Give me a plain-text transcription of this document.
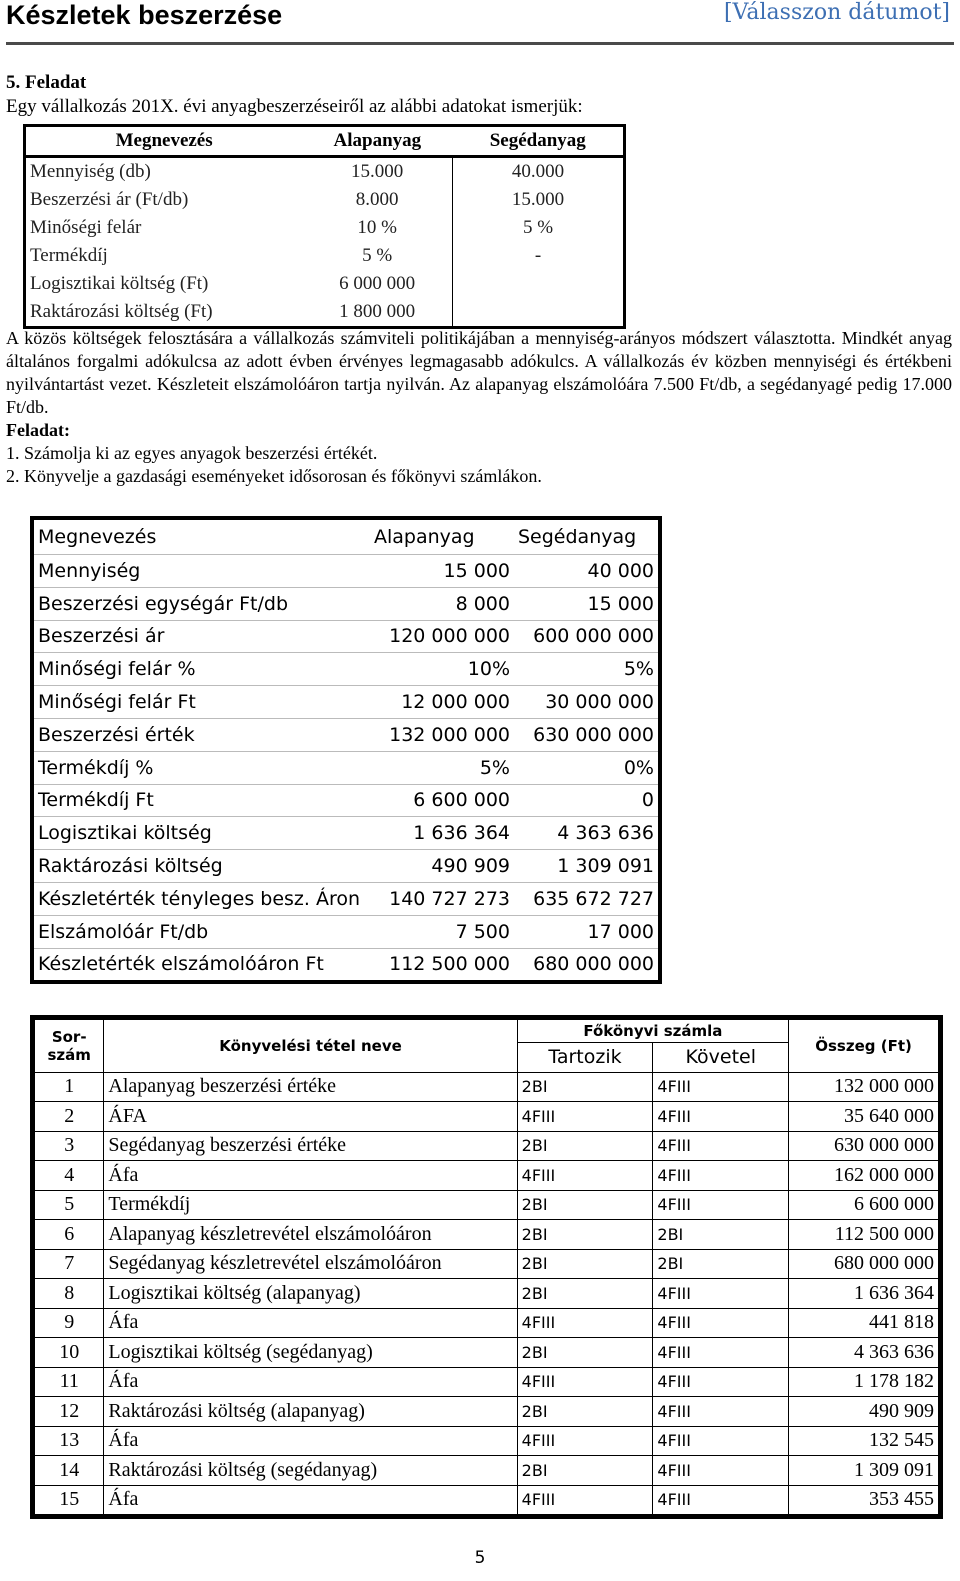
Készletek beszerzése	[Válasszon dátumot]
5. Feladat
Egy vállalkozás 201X. évi anyagbeszerzéseiről az alábbi adatokat ismerjük:
Megnevezés	Alapanyag	Segédanyag
Mennyiség (db)	15.000	40.000
Beszerzési ár (Ft/db)	8.000	15.000
Minőségi felár	10 %	5 %
Termékdíj	5 %	-
Logisztikai költség (Ft)	6 000 000	
Raktározási költség (Ft)	1 800 000	
A közös költségek felosztására a vállalkozás számviteli politikájában a mennyiség-arányos módszert választotta. Mindkét anyag általános forgalmi adókulcsa az adott évben érvényes legmagasabb adókulcs. A vállalkozás év közben mennyiségi és értékbeni nyilvántartást vezet. Készleteit elszámolóáron tartja nyilván. Az alapanyag elszámolóára 7.500 Ft/db, a segédanyagé pedig 17.000 Ft/db.
Feladat:
1. Számolja ki az egyes anyagok beszerzési értékét.
2. Könyvelje a gazdasági eseményeket idősorosan és főkönyvi számlákon.
Megnevezés	Alapanyag	Segédanyag
Mennyiség	15 000	40 000
Beszerzési egységár Ft/db	8 000	15 000
Beszerzési ár	120 000 000	600 000 000
Minőségi felár %	10%	5%
Minőségi felár Ft	12 000 000	30 000 000
Beszerzési érték	132 000 000	630 000 000
Termékdíj %	5%	0%
Termékdíj Ft	6 600 000	0
Logisztikai költség	1 636 364	4 363 636
Raktározási költség	490 909	1 309 091
Készletérték tényleges besz. Áron	140 727 273	635 672 727
Elszámolóár Ft/db	7 500	17 000
Készletérték elszámolóáron Ft	112 500 000	680 000 000
Sor-
szám	Könyvelési tétel neve	Főkönyvi számla		Összeg (Ft)
		Tartozik	Követel	
1	Alapanyag beszerzési értéke	2BI	4FIII	132 000 000
2	ÁFA	4FIII	4FIII	35 640 000
3	Segédanyag beszerzési értéke	2BI	4FIII	630 000 000
4	Áfa	4FIII	4FIII	162 000 000
5	Termékdíj	2BI	4FIII	6 600 000
6	Alapanyag készletrevétel elszámolóáron	2BI	2BI	112 500 000
7	Segédanyag készletrevétel elszámolóáron	2BI	2BI	680 000 000
8	Logisztikai költség (alapanyag)	2BI	4FIII	1 636 364
9	Áfa	4FIII	4FIII	441 818
10	Logisztikai költség (segédanyag)	2BI	4FIII	4 363 636
11	Áfa	4FIII	4FIII	1 178 182
12	Raktározási költség (alapanyag)	2BI	4FIII	490 909
13	Áfa	4FIII	4FIII	132 545
14	Raktározási költség (segédanyag)	2BI	4FIII	1 309 091
15	Áfa	4FIII	4FIII	353 455
5
